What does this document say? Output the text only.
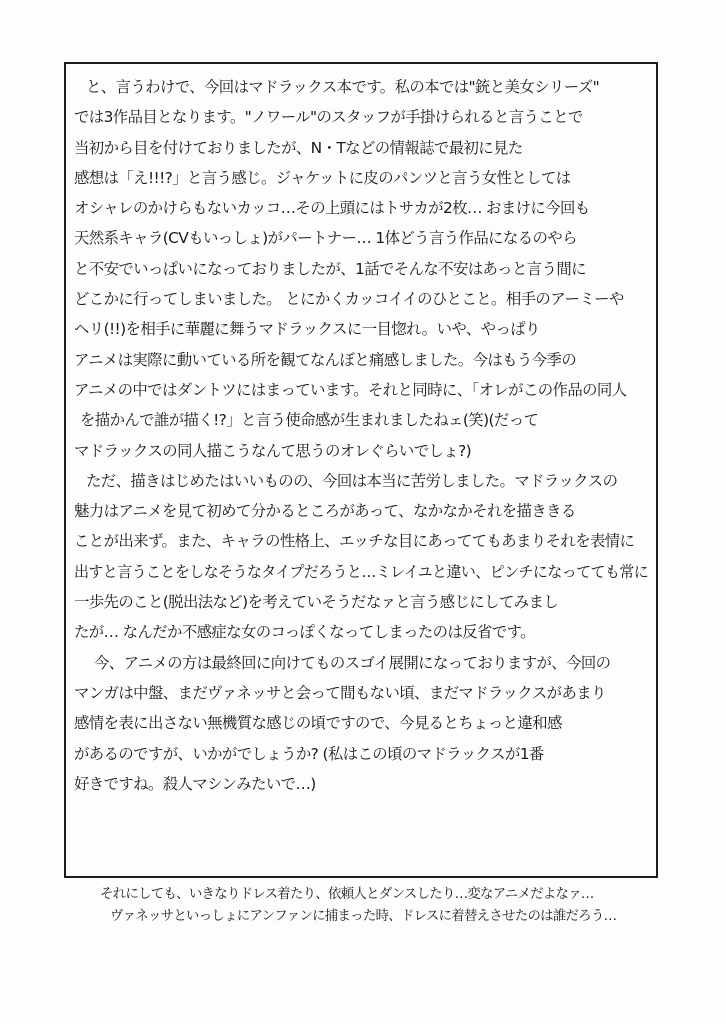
と、言うわけで、今回はマドラックス本です。私の本では"銃と美女シリーズ"
では3作品目となります。"ノワール"のスタッフが手掛けられると言うことで
当初から目を付けておりましたが、N・Tなどの情報誌で最初に見た
感想は「え!!!?」と言う感じ。ジャケットに皮のパンツと言う女性としては
オシャレのかけらもないカッコ…その上頭にはトサカが2枚… おまけに今回も
天然系キャラ(CVもいっしょ)がパートナー… 1体どう言う作品になるのやら
と不安でいっぱいになっておりましたが、1話でそんな不安はあっと言う間に
どこかに行ってしまいました。 とにかくカッコイイのひとこと。相手のアーミーや
ヘリ(!!)を相手に華麗に舞うマドラックスに一目惚れ。いや、やっぱり
アニメは実際に動いている所を観てなんぼと痛感しました。今はもう今季の
アニメの中ではダントツにはまっています。それと同時に、「オレがこの作品の同人
を描かんで誰が描く!?」と言う使命感が生まれましたねェ(笑)(だって
マドラックスの同人描こうなんて思うのオレぐらいでしょ?)
ただ、描きはじめたはいいものの、今回は本当に苦労しました。マドラックスの
魅力はアニメを見て初めて分かるところがあって、なかなかそれを描ききる
ことが出来ず。また、キャラの性格上、エッチな目にあっててもあまりそれを表情に
出すと言うことをしなそうなタイプだろうと…ミレイユと違い、ピンチになってても常に
一歩先のこと(脱出法など)を考えていそうだなァと言う感じにしてみまし
たが… なんだか不感症な女のコっぽくなってしまったのは反省です。
今、アニメの方は最終回に向けてものスゴイ展開になっておりますが、今回の
マンガは中盤、まだヴァネッサと会って間もない頃、まだマドラックスがあまり
感情を表に出さない無機質な感じの頃ですので、今見るとちょっと違和感
があるのですが、いかがでしょうか? (私はこの頃のマドラックスが1番
好きですね。殺人マシンみたいで…)
それにしても、いきなりドレス着たり、依頼人とダンスしたり…変なアニメだよなァ…
ヴァネッサといっしょにアンファンに捕まった時、ドレスに着替えさせたのは誰だろう…
